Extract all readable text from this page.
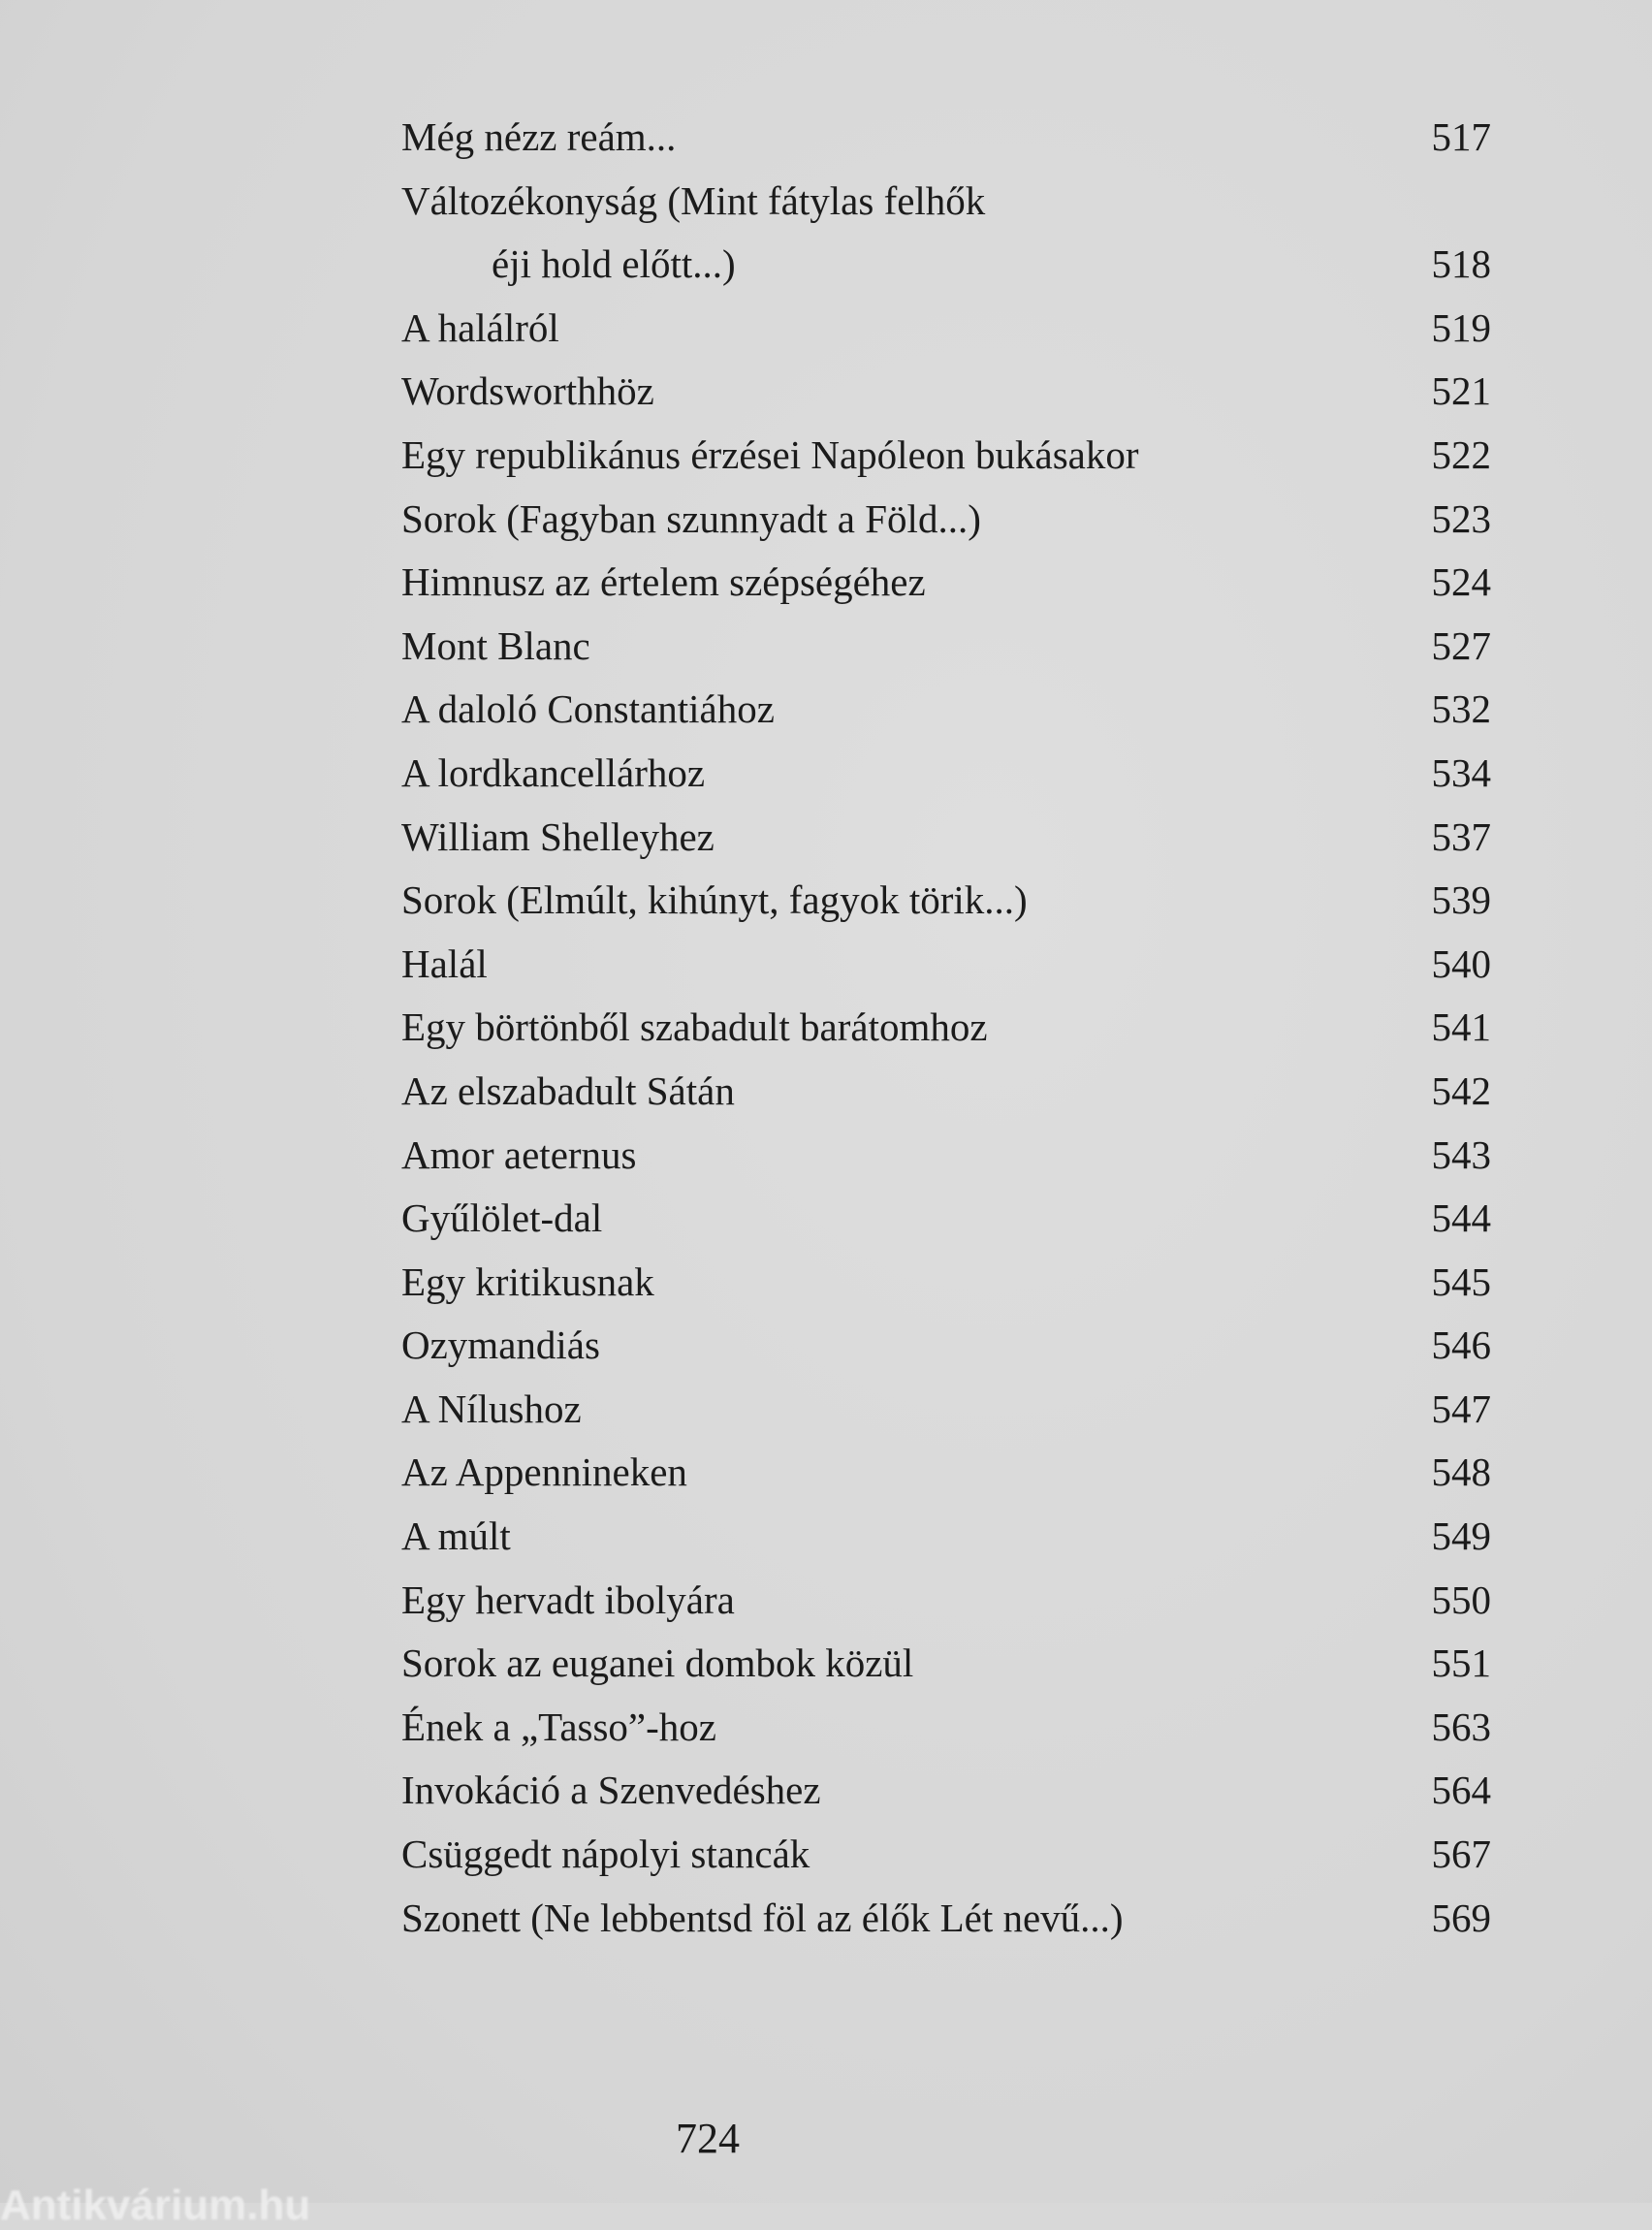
Még nézz reám...	517
Változékonyság (Mint fátylas felhők
éji hold előtt...)	518
A halálról	519
Wordsworthhöz	521
Egy republikánus érzései Napóleon bukásakor	522
Sorok (Fagyban szunnyadt a Föld...)	523
Himnusz az értelem szépségéhez	524
Mont Blanc	527
A daloló Constantiához	532
A lordkancellárhoz	534
William Shelleyhez	537
Sorok (Elmúlt, kihúnyt, fagyok törik...)	539
Halál	540
Egy börtönből szabadult barátomhoz	541
Az elszabadult Sátán	542
Amor aeternus	543
Gyűlölet-dal	544
Egy kritikusnak	545
Ozymandiás	546
A Nílushoz	547
Az Appennineken	548
A múlt	549
Egy hervadt ibolyára	550
Sorok az euganei dombok közül	551
Ének a „Tasso”-hoz	563
Invokáció a Szenvedéshez	564
Csüggedt nápolyi stancák	567
Szonett (Ne lebbentsd föl az élők Lét nevű...)	569
724
Antikvárium.hu
